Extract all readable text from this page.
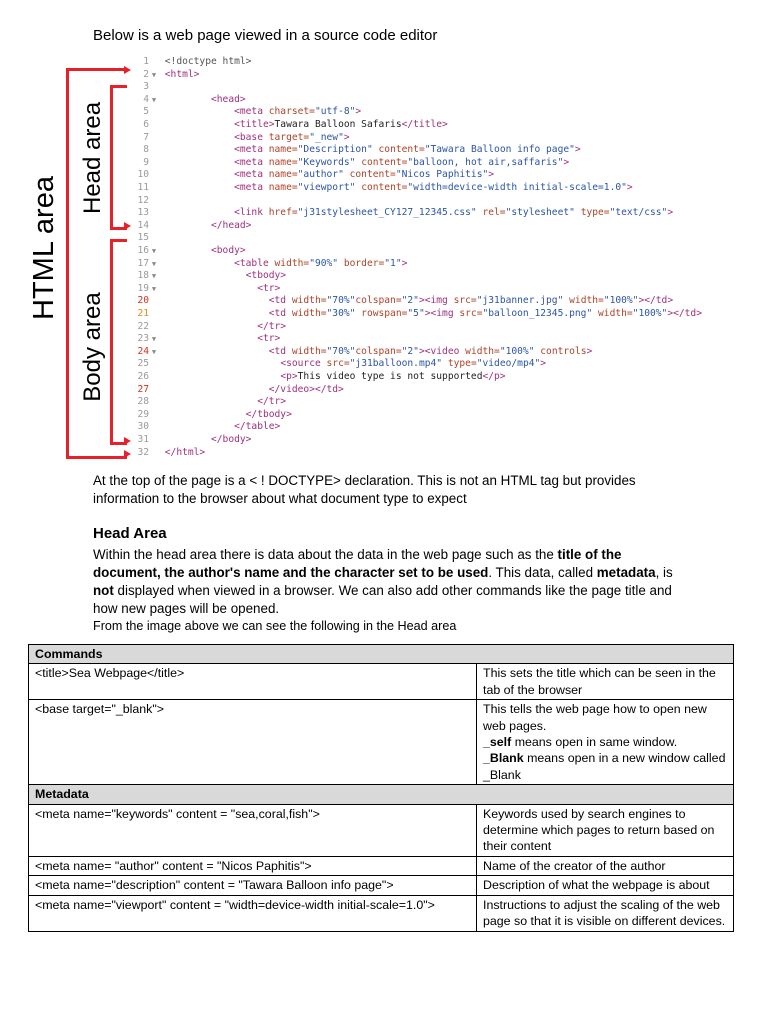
Below is a web page viewed in a source code editor
1 <!doctype html>
2 ▼ <html>
3
4 ▼	<head>
5	<meta charset="utf-8">
6	<title>Tawara Balloon Safaris</title>
7	<base target="_new">
8	<meta name="Description" content="Tawara Balloon info page">
9	<meta name="Keywords" content="balloon, hot air,saffaris">
10	<meta name="author" content="Nicos Paphitis">
11	<meta name="viewport" content="width=device-width initial-scale=1.0">
12
13	<link href="j31stylesheet_CY127_12345.css" rel="stylesheet" type="text/css">
14	</head>
15
16 ▼	<body>
17 ▼	<table width="90%" border="1">
18 ▼	<tbody>
19 ▼	<tr>
20	<td width="70%"colspan="2"><img src="j31banner.jpg" width="100%"></td>
21	<td width="30%" rowspan="5"><img src="balloon_12345.png" width="100%"></td>
22	</tr>
23 ▼	<tr>
24 ▼	<td width="70%"colspan="2"><video width="100%" controls>
25	<source src="j31balloon.mp4" type="video/mp4">
26	<p>This video type is not supported</p>
27	</video></td>
28	</tr>
29	</tbody>
30	</table>
31	</body>
32 </html>
HTML area
Head area
Body area
At the top of the page is a < ! DOCTYPE> declaration. This is not an HTML tag but provides information to the browser about what document type to expect
Head Area
Within the head area there is data about the data in the web page such as the title of the document, the author's name and the character set to be used. This data, called metadata, is not displayed when viewed in a browser. We can also add other commands like the page title and how new pages will be opened.
From the image above we can see the following in the Head area
Commands	
<title>Sea Webpage</title>	This sets the title which can be seen in the tab of the browser
<base target="_blank">	This tells the web page how to open new web pages.
_self means open in same window.
_Blank means open in a new window called _Blank
Metadata	
<meta name="keywords" content = "sea,coral,fish">	Keywords used by search engines to determine which pages to return based on their content
<meta name= "author" content = "Nicos Paphitis">	Name of the creator of the author
<meta name="description" content = "Tawara Balloon info page">	Description of what the webpage is about
<meta name="viewport" content = "width=device-width initial-scale=1.0">	Instructions to adjust the scaling of the web page so that it is visible on different devices.
